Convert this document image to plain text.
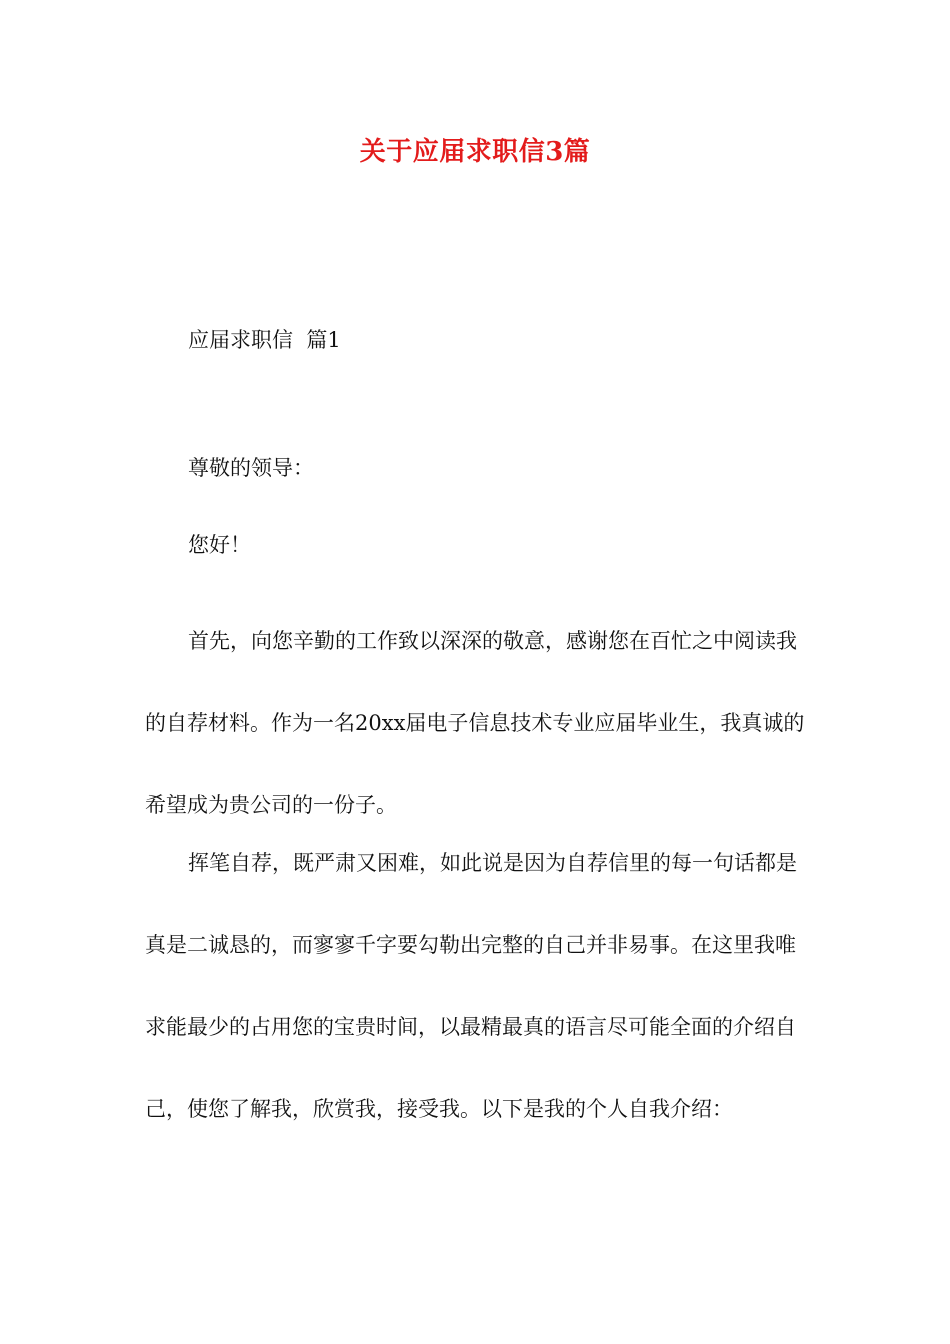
关于应届求职信3篇
应届求职信  篇1

尊敬的领导：

您好！

首先，向您辛勤的工作致以深深的敬意，感谢您在百忙之中阅读我的自荐材料。作为一名20xx届电子信息技术专业应届毕业生，我真诚的希望成为贵公司的一份子。

挥笔自荐，既严肃又困难，如此说是因为自荐信里的每一句话都是真是二诚恳的，而寥寥千字要勾勒出完整的自己并非易事。在这里我唯求能最少的占用您的宝贵时间，以最精最真的语言尽可能全面的介绍自己，使您了解我，欣赏我，接受我。以下是我的个人自我介绍：
